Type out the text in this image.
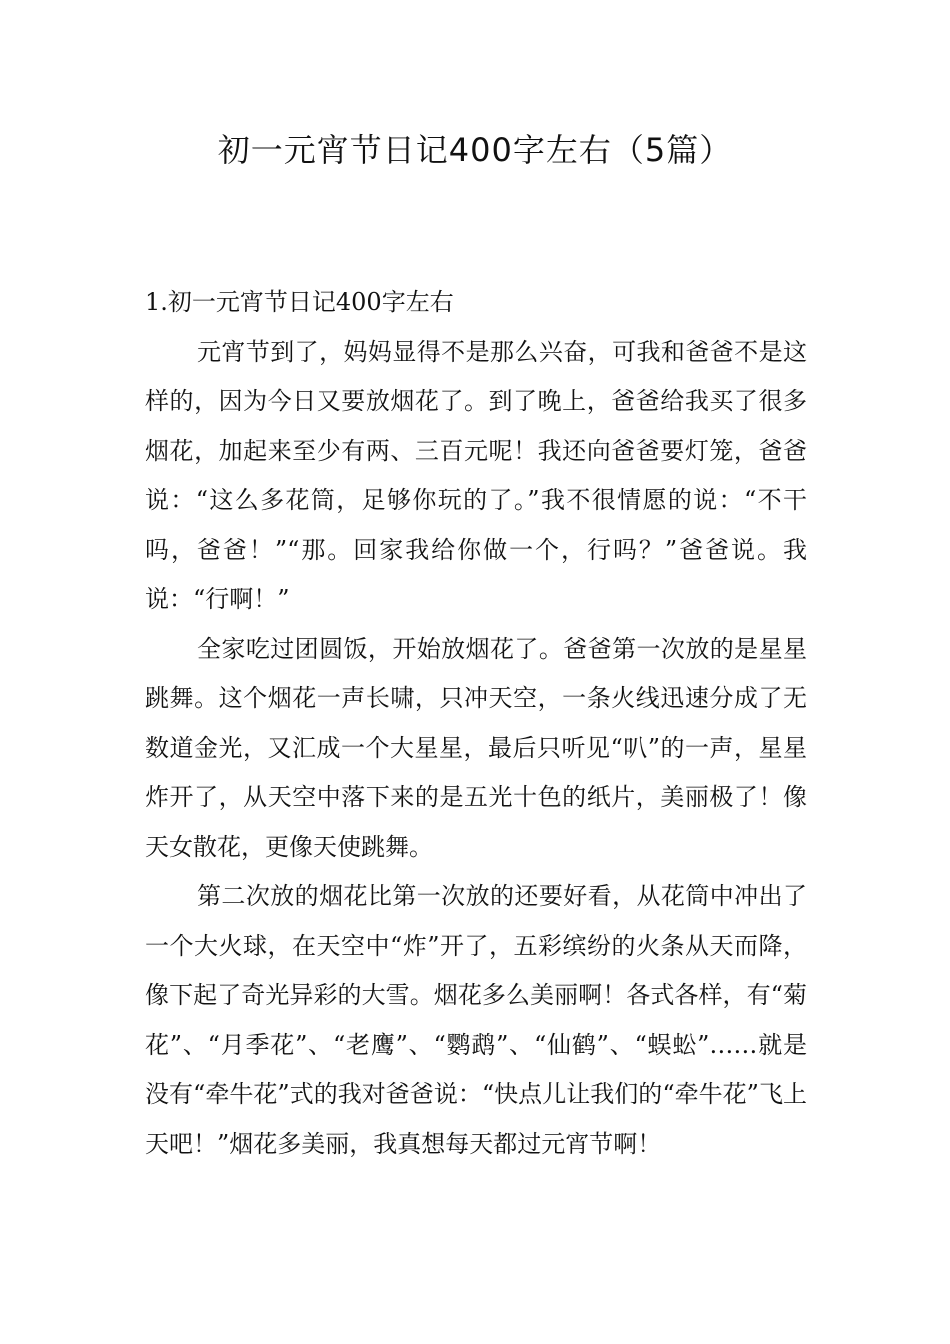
初一元宵节日记400字左右（5篇）
1.初一元宵节日记400字左右

元宵节到了，妈妈显得不是那么兴奋，可我和爸爸不是这样的，因为今日又要放烟花了。到了晚上，爸爸给我买了很多烟花，加起来至少有两、三百元呢！我还向爸爸要灯笼，爸爸说：“这么多花筒，足够你玩的了。”我不很情愿的说：“不干吗，爸爸！”“那。回家我给你做一个，行吗？”爸爸说。我说：“行啊！”

全家吃过团圆饭，开始放烟花了。爸爸第一次放的是星星跳舞。这个烟花一声长啸，只冲天空，一条火线迅速分成了无数道金光，又汇成一个大星星，最后只听见“叭”的一声，星星炸开了，从天空中落下来的是五光十色的纸片，美丽极了！像天女散花，更像天使跳舞。

第二次放的烟花比第一次放的还要好看，从花筒中冲出了一个大火球，在天空中“炸”开了，五彩缤纷的火条从天而降，像下起了奇光异彩的大雪。烟花多么美丽啊！各式各样，有“菊花”、“月季花”、“老鹰”、“鹦鹉”、“仙鹤”、“蜈蚣”……就是没有“牵牛花”式的我对爸爸说：“快点儿让我们的“牵牛花”飞上天吧！”烟花多美丽，我真想每天都过元宵节啊！
